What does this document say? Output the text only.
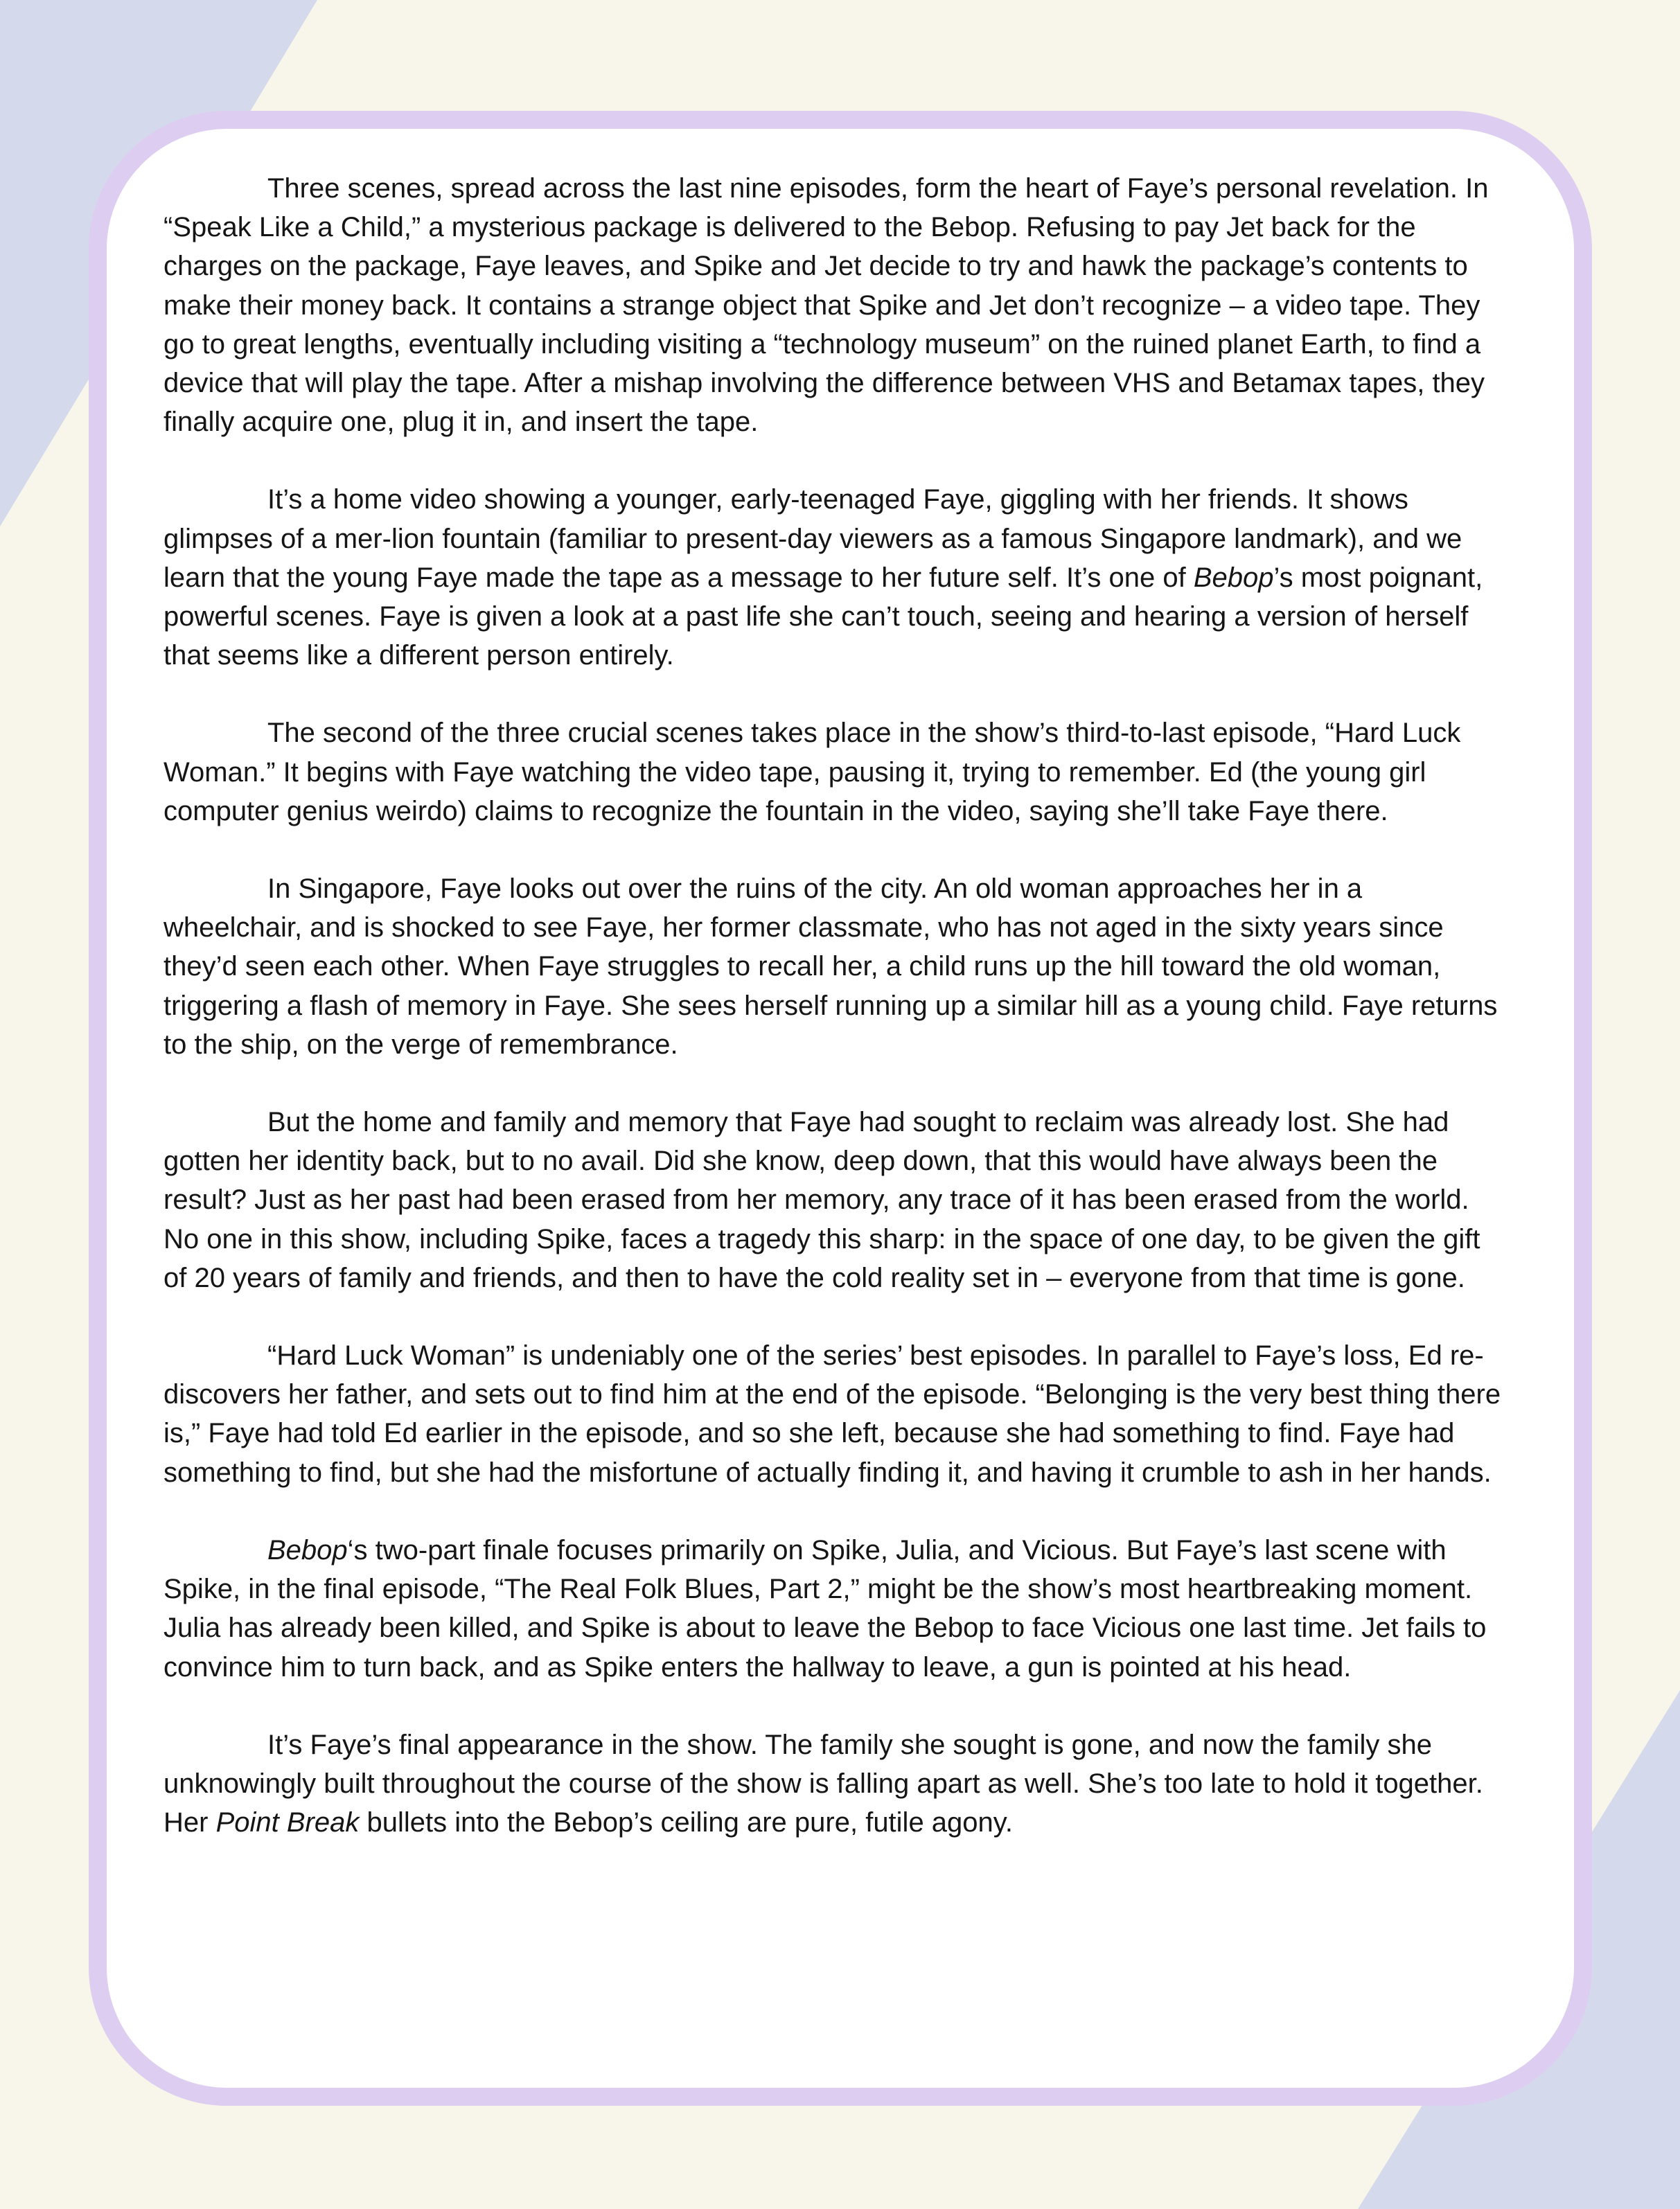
Three scenes, spread across the last nine episodes, form the heart of Faye’s personal revelation. In “Speak Like a Child,” a mysterious package is delivered to the Bebop. Refusing to pay Jet back for the charges on the package, Faye leaves, and Spike and Jet decide to try and hawk the package’s contents to make their money back. It contains a strange object that Spike and Jet don’t recognize – a video tape. They go to great lengths, eventually including visiting a “technology museum” on the ruined planet Earth, to find a device that will play the tape. After a mishap involving the difference between VHS and Betamax tapes, they finally acquire one, plug it in, and insert the tape.

It’s a home video showing a younger, early-teenaged Faye, giggling with her friends. It shows glimpses of a mer-lion fountain (familiar to present-day viewers as a famous Singapore landmark), and we learn that the young Faye made the tape as a message to her future self. It’s one of Bebop’s most poignant, powerful scenes. Faye is given a look at a past life she can’t touch, seeing and hearing a version of herself that seems like a different person entirely.

The second of the three crucial scenes takes place in the show’s third-to-last episode, “Hard Luck Woman.” It begins with Faye watching the video tape, pausing it, trying to remember. Ed (the young girl computer genius weirdo) claims to recognize the fountain in the video, saying she’ll take Faye there.

In Singapore, Faye looks out over the ruins of the city. An old woman approaches her in a wheelchair, and is shocked to see Faye, her former classmate, who has not aged in the sixty years since they’d seen each other. When Faye struggles to recall her, a child runs up the hill toward the old woman, triggering a flash of memory in Faye. She sees herself running up a similar hill as a young child. Faye returns to the ship, on the verge of remembrance.

But the home and family and memory that Faye had sought to reclaim was already lost. She had gotten her identity back, but to no avail. Did she know, deep down, that this would have always been the result? Just as her past had been erased from her memory, any trace of it has been erased from the world. No one in this show, including Spike, faces a tragedy this sharp: in the space of one day, to be given the gift of 20 years of family and friends, and then to have the cold reality set in – everyone from that time is gone.

“Hard Luck Woman” is undeniably one of the series’ best episodes. In parallel to Faye’s loss, Ed re-discovers her father, and sets out to find him at the end of the episode. “Belonging is the very best thing there is,” Faye had told Ed earlier in the episode, and so she left, because she had something to find. Faye had something to find, but she had the misfortune of actually finding it, and having it crumble to ash in her hands.

Bebop‘s two-part finale focuses primarily on Spike, Julia, and Vicious. But Faye’s last scene with Spike, in the final episode, “The Real Folk Blues, Part 2,” might be the show’s most heartbreaking moment. Julia has already been killed, and Spike is about to leave the Bebop to face Vicious one last time. Jet fails to convince him to turn back, and as Spike enters the hallway to leave, a gun is pointed at his head.

It’s Faye’s final appearance in the show. The family she sought is gone, and now the family she unknowingly built throughout the course of the show is falling apart as well. She’s too late to hold it together. Her Point Break bullets into the Bebop’s ceiling are pure, futile agony.
